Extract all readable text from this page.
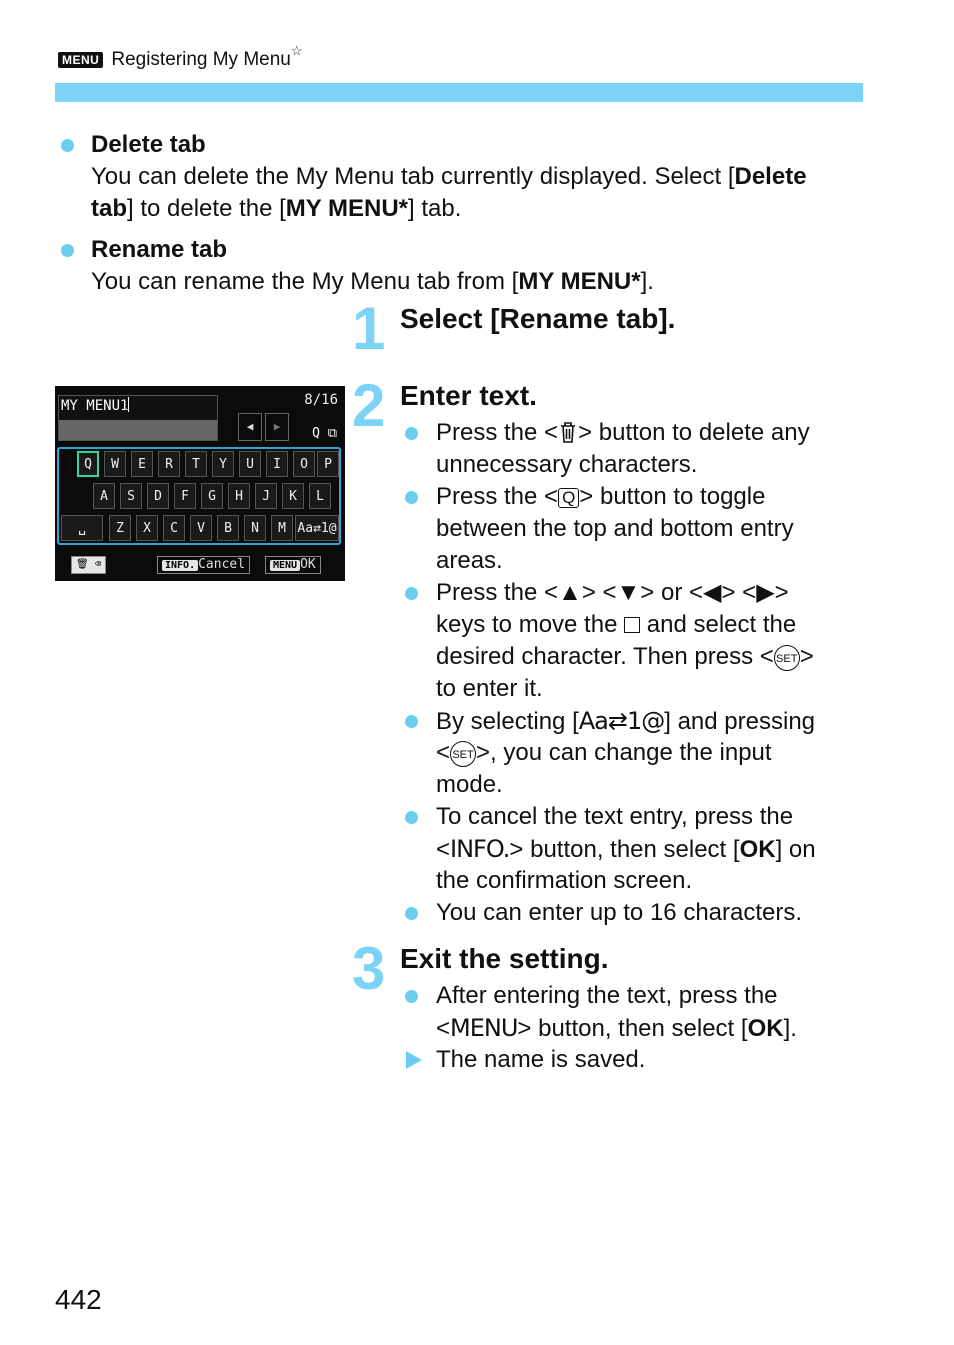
MENU Registering My Menu☆
Delete tab
You can delete the My Menu tab currently displayed. Select [Delete
tab] to delete the [MY MENU*] tab.
Rename tab
You can rename the My Menu tab from [MY MENU*].
1 Select [Rename tab].
MY MENU1	8/16
◀	▶	Q ⧉
Q	W	E	R	T	Y	U	I	O	P
A	S	D	F	G	H	J	K	L
␣	Z	X	C	V	B	N	M Aa⇄1@
🗑 ⌫	INFO. Cancel	MENU OK
2 Enter text.
Press the < > button to delete any
unnecessary characters.
Press the < Q > button to toggle
between the top and bottom entry
areas.
Press the <▲> <▼> or <◀> <▶>
keys to move the and select the
desired character. Then press < SET>
to enter it.
By selecting [Aa⇄1@] and pressing
< SET>, you can change the input
mode.
To cancel the text entry, press the
<INFO.> button, then select [OK] on
the confirmation screen.
You can enter up to 16 characters.
3 Exit the setting.
After entering the text, press the
<MENU> button, then select [OK].
The name is saved.
442
